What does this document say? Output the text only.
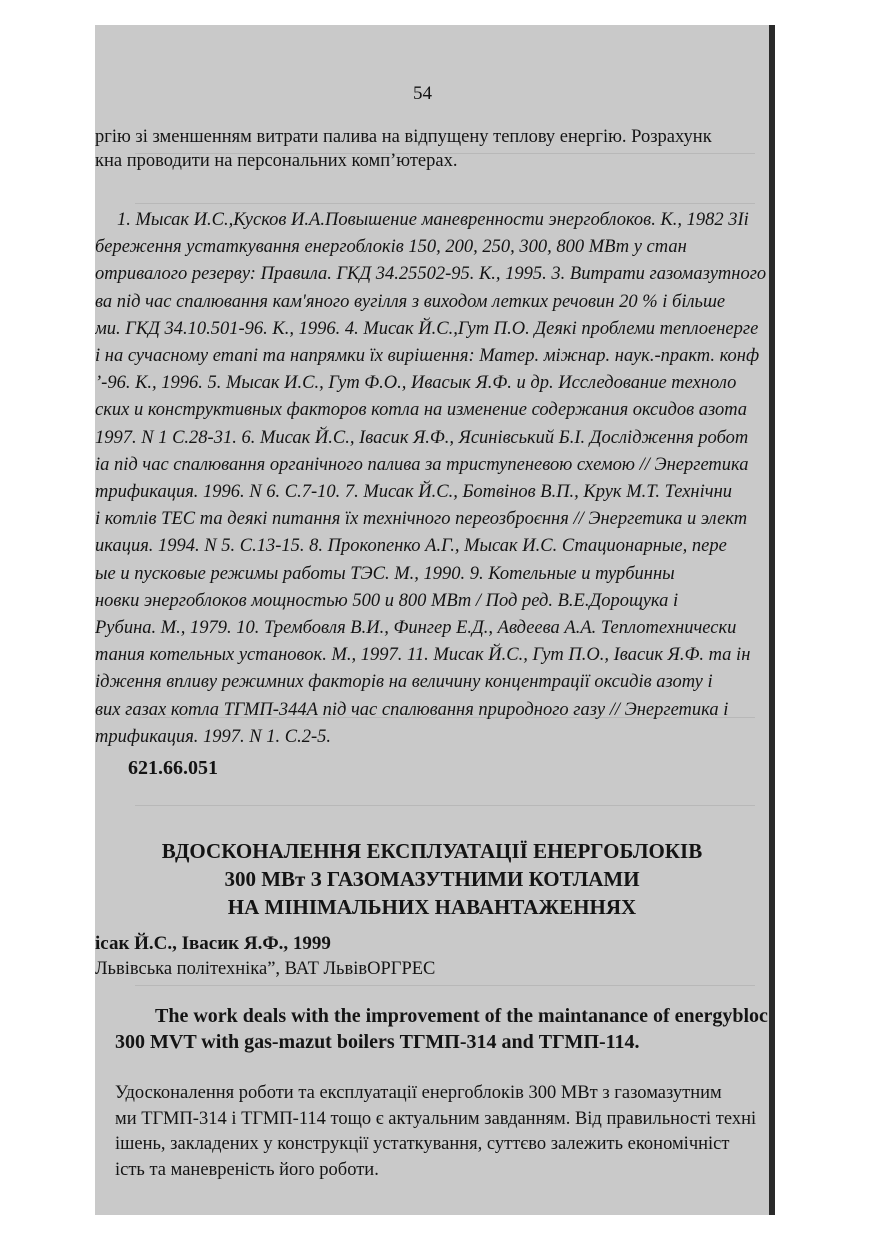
54

ргію зі зменшенням витрати палива на відпущену теплову енергію. Розрахунк

кна проводити на персональних комп’ютерах.

1. Мысак И.С.,Кусков И.А.Повышение маневренности энергоблоков. К., 1982 3Ii
береження устаткування енергоблоків 150, 200, 250, 300, 800 МВт у стан
отривалого резерву: Правила. ГКД 34.25502-95. К., 1995. 3. Витрати газомазутного
ва під час спалювання кам'яного вугілля з виходом летких речовин 20 % і більше
ми. ГКД 34.10.501-96. К., 1996. 4. Мисак Й.С.,Гут П.О. Деякі проблеми теплоенерге
і на сучасному етапі та напрямки їх вирішення: Матер. міжнар. наук.-практ. конф
’-96. К., 1996. 5. Мысак И.С., Гут Ф.О., Ивасык Я.Ф. и др. Исследование техноло
ских и конструктивных факторов котла на изменение содержания оксидов азота
1997. N 1 С.28-31. 6. Мисак Й.С., Івасик Я.Ф., Ясинівський Б.І. Дослідження робот
іа під час спалювання органічного палива за триступеневою схемою // Энергетика
трификация. 1996. N 6. С.7-10. 7. Мисак Й.С., Ботвінов В.П., Крук М.Т. Технічни
і котлів ТЕС та деякі питання їх технічного переозброєння // Энергетика и элект
икация. 1994. N 5. С.13-15. 8. Прокопенко А.Г., Мысак И.С. Стационарные, пере
ые и пусковые режимы работы ТЭС. М., 1990. 9. Котельные и турбинны
новки энергоблоков мощностью 500 и 800 МВт / Под ред. В.Е.Дорощука і
Рубина. М., 1979. 10. Трембовля В.И., Фингер Е.Д., Авдеева А.А. Теплотехнически
тания котельных установок. М., 1997. 11. Мисак Й.С., Гут П.О., Івасик Я.Ф. та ін
ідження впливу режимних факторів на величину концентрації оксидів азоту і
вих газах котла ТГМП-344А під час спалювання природного газу // Энергетика і
трификация. 1997. N 1. С.2-5.

621.66.051

ВДОСКОНАЛЕННЯ ЕКСПЛУАТАЦІЇ ЕНЕРГОБЛОКІВ
300 МВт З ГАЗОМАЗУТНИМИ КОТЛАМИ
НА МІНІМАЛЬНИХ НАВАНТАЖЕННЯХ

ісак Й.С., Івасик Я.Ф., 1999

Львівська політехніка”, ВАТ ЛьвівОРГРЕС

The work deals with the improvement of the maintanance of energybloc
300 MVT with gas-mazut boilers ТГМП-314 and ТГМП-114.
Удосконалення роботи та експлуатації енергоблоків 300 МВт з газомазутним
ми ТГМП-314 і ТГМП-114 тощо є актуальним завданням. Від правильності техні
ішень, закладених у конструкції устаткування, суттєво залежить економічніст
ість та маневреність його роботи.
